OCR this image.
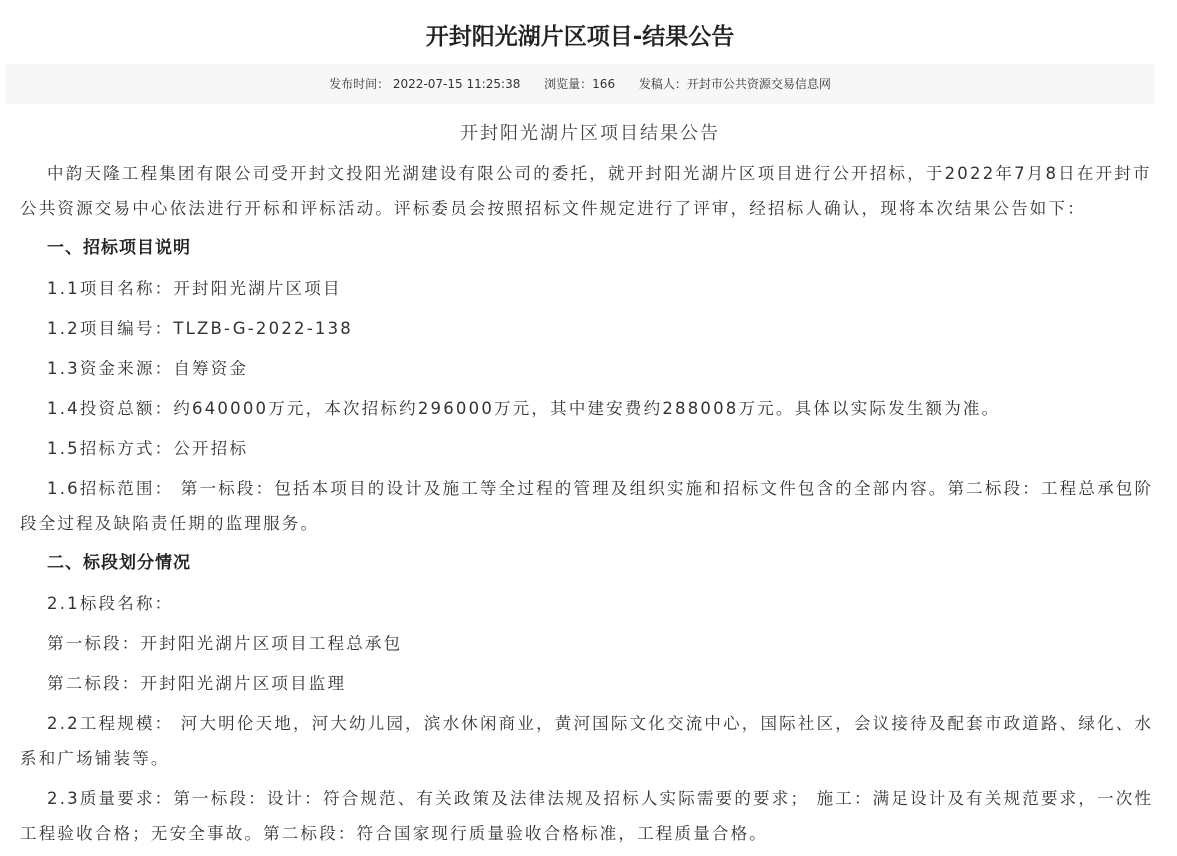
开封阳光湖片区项目-结果公告
发布时间： 2022-07-15 11:25:38 浏览量：166 发稿人：开封市公共资源交易信息网
开封阳光湖片区项目结果公告

中韵天隆工程集团有限公司受开封文投阳光湖建设有限公司的委托，就开封阳光湖片区项目进行公开招标，于2022年7月8日在开封市公共资源交易中心依法进行开标和评标活动。评标委员会按照招标文件规定进行了评审，经招标人确认，现将本次结果公告如下：

一、招标项目说明

1.1项目名称：开封阳光湖片区项目

1.2项目编号：TLZB-G-2022-138

1.3资金来源：自筹资金

1.4投资总额：约640000万元，本次招标约296000万元，其中建安费约288008万元。具体以实际发生额为准。

1.5招标方式：公开招标

1.6招标范围： 第一标段：包括本项目的设计及施工等全过程的管理及组织实施和招标文件包含的全部内容。第二标段：工程总承包阶段全过程及缺陷责任期的监理服务。

二、标段划分情况

2.1标段名称：

第一标段：开封阳光湖片区项目工程总承包

第二标段：开封阳光湖片区项目监理

2.2工程规模： 河大明伦天地，河大幼儿园，滨水休闲商业，黄河国际文化交流中心，国际社区，会议接待及配套市政道路、绿化、水系和广场铺装等。

2.3质量要求：第一标段：设计：符合规范、有关政策及法律法规及招标人实际需要的要求； 施工：满足设计及有关规范要求，一次性工程验收合格；无安全事故。第二标段：符合国家现行质量验收合格标准，工程质量合格。
